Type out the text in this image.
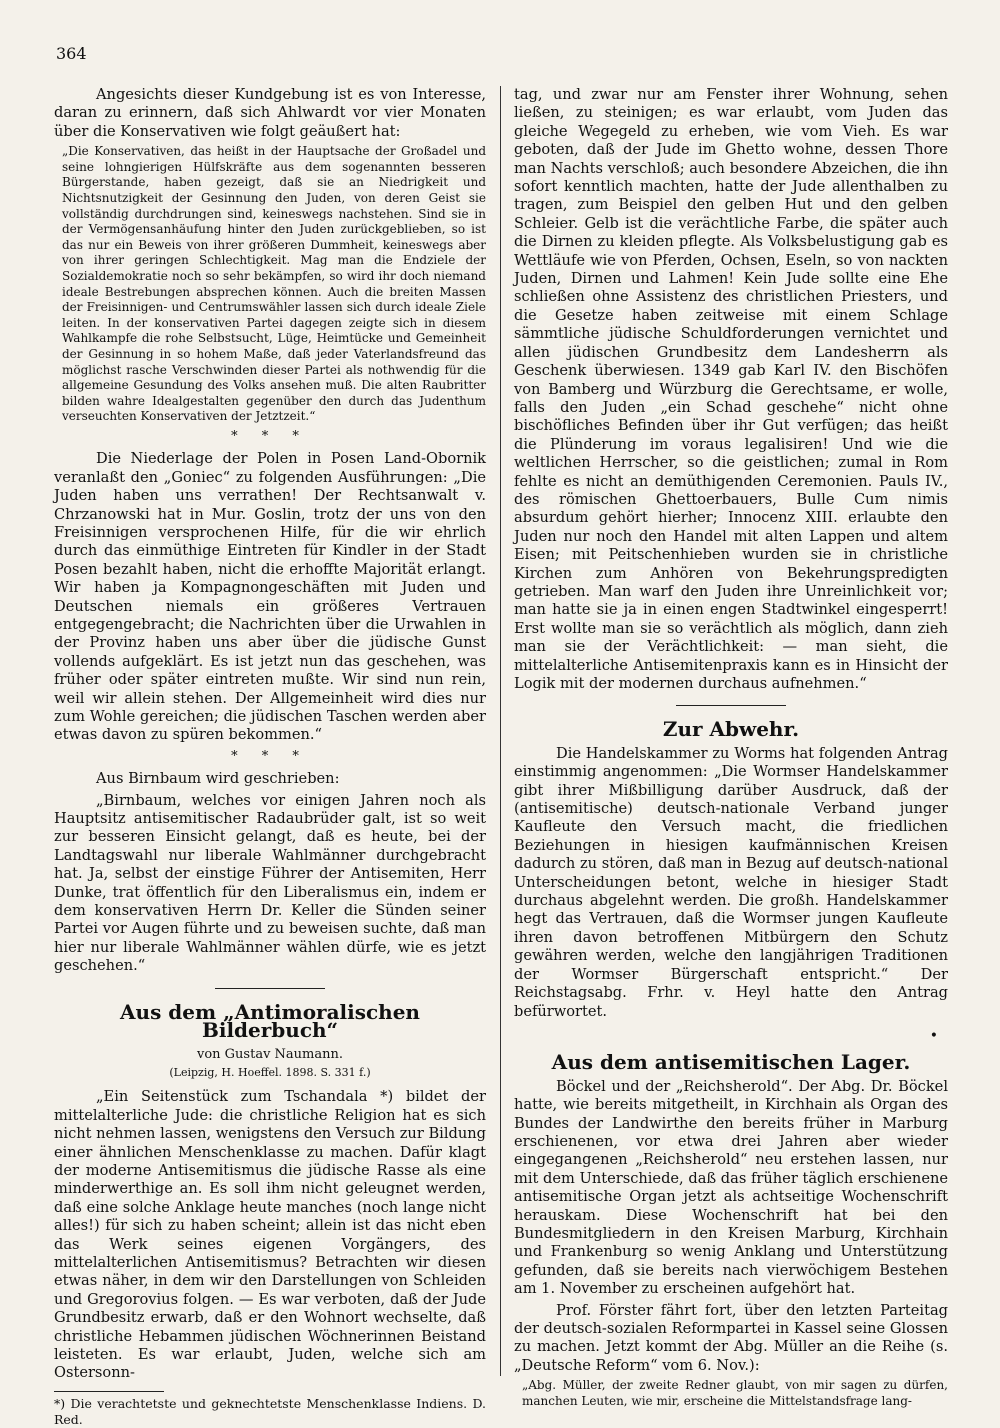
364

Angesichts dieser Kundgebung ist es von Interesse, daran zu erinnern, daß sich Ahlwardt vor vier Monaten über die Konservativen wie folgt geäußert hat:

„Die Konservativen, das heißt in der Hauptsache der Großadel und seine lohngierigen Hülfskräfte aus dem sogenannten besseren Bürgerstande, haben gezeigt, daß sie an Niedrigkeit und Nichtsnutzigkeit der Gesinnung den Juden, von deren Geist sie vollständig durchdrungen sind, keineswegs nachstehen. Sind sie in der Vermögensanhäufung hinter den Juden zurückgeblieben, so ist das nur ein Beweis von ihrer größeren Dummheit, keineswegs aber von ihrer geringen Schlechtigkeit. Mag man die Endziele der Sozialdemokratie noch so sehr bekämpfen, so wird ihr doch niemand ideale Bestrebungen absprechen können. Auch die breiten Massen der Freisinnigen- und Centrumswähler lassen sich durch ideale Ziele leiten. In der konservativen Partei dagegen zeigte sich in diesem Wahlkampfe die rohe Selbstsucht, Lüge, Heimtücke und Gemeinheit der Gesinnung in so hohem Maße, daß jeder Vaterlandsfreund das möglichst rasche Verschwinden dieser Partei als nothwendig für die allgemeine Gesundung des Volks ansehen muß. Die alten Raubritter bilden wahre Idealgestalten gegenüber den durch das Judenthum verseuchten Konservativen der Jetztzeit.“

* * *

Die Niederlage der Polen in Posen Land-Obornik veranlaßt den „Goniec“ zu folgenden Ausführungen: „Die Juden haben uns verrathen! Der Rechtsanwalt v. Chrzanowski hat in Mur. Goslin, trotz der uns von den Freisinnigen versprochenen Hilfe, für die wir ehrlich durch das einmüthige Eintreten für Kindler in der Stadt Posen bezahlt haben, nicht die erhoffte Majorität erlangt. Wir haben ja Kompagnongeschäften mit Juden und Deutschen niemals ein größeres Vertrauen entgegengebracht; die Nachrichten über die Urwahlen in der Provinz haben uns aber über die jüdische Gunst vollends aufgeklärt. Es ist jetzt nun das geschehen, was früher oder später eintreten mußte. Wir sind nun rein, weil wir allein stehen. Der Allgemeinheit wird dies nur zum Wohle gereichen; die jüdischen Taschen werden aber etwas davon zu spüren bekommen.“

* * *

Aus Birnbaum wird geschrieben:

„Birnbaum, welches vor einigen Jahren noch als Hauptsitz antisemitischer Radaubrüder galt, ist so weit zur besseren Einsicht gelangt, daß es heute, bei der Landtagswahl nur liberale Wahlmänner durchgebracht hat. Ja, selbst der einstige Führer der Antisemiten, Herr Dunke, trat öffentlich für den Liberalismus ein, indem er dem konservativen Herrn Dr. Keller die Sünden seiner Partei vor Augen führte und zu beweisen suchte, daß man hier nur liberale Wahlmänner wählen dürfe, wie es jetzt geschehen.“

Aus dem „Antimoralischen Bilderbuch“

von Gustav Naumann.

(Leipzig, H. Hoeffel. 1898. S. 331 f.)

„Ein Seitenstück zum Tschandala *) bildet der mittelalterliche Jude: die christliche Religion hat es sich nicht nehmen lassen, wenigstens den Versuch zur Bildung einer ähnlichen Menschenklasse zu machen. Dafür klagt der moderne Antisemitismus die jüdische Rasse als eine minderwerthige an. Es soll ihm nicht geleugnet werden, daß eine solche Anklage heute manches (noch lange nicht alles!) für sich zu haben scheint; allein ist das nicht eben das Werk seines eigenen Vorgängers, des mittelalterlichen Antisemitismus? Betrachten wir diesen etwas näher, in dem wir den Darstellungen von Schleiden und Gregorovius folgen. — Es war verboten, daß der Jude Grundbesitz erwarb, daß er den Wohnort wechselte, daß christliche Hebammen jüdischen Wöchnerinnen Beistand leisteten. Es war erlaubt, Juden, welche sich am Ostersonn-

*) Die verachtetste und geknechtetste Menschenklasse Indiens. D. Red.

tag, und zwar nur am Fenster ihrer Wohnung, sehen ließen, zu steinigen; es war erlaubt, vom Juden das gleiche Wegegeld zu erheben, wie vom Vieh. Es war geboten, daß der Jude im Ghetto wohne, dessen Thore man Nachts verschloß; auch besondere Abzeichen, die ihn sofort kenntlich machten, hatte der Jude allenthalben zu tragen, zum Beispiel den gelben Hut und den gelben Schleier. Gelb ist die verächtliche Farbe, die später auch die Dirnen zu kleiden pflegte. Als Volksbelustigung gab es Wettläufe wie von Pferden, Ochsen, Eseln, so von nackten Juden, Dirnen und Lahmen! Kein Jude sollte eine Ehe schließen ohne Assistenz des christlichen Priesters, und die Gesetze haben zeitweise mit einem Schlage sämmtliche jüdische Schuldforderungen vernichtet und allen jüdischen Grundbesitz dem Landesherrn als Geschenk überwiesen. 1349 gab Karl IV. den Bischöfen von Bamberg und Würzburg die Gerechtsame, er wolle, falls den Juden „ein Schad geschehe“ nicht ohne bischöfliches Befinden über ihr Gut verfügen; das heißt die Plünderung im voraus legalisiren! Und wie die weltlichen Herrscher, so die geistlichen; zumal in Rom fehlte es nicht an demüthigenden Ceremonien. Pauls IV., des römischen Ghettoerbauers, Bulle Cum nimis absurdum gehört hierher; Innocenz XIII. erlaubte den Juden nur noch den Handel mit alten Lappen und altem Eisen; mit Peitschenhieben wurden sie in christliche Kirchen zum Anhören von Bekehrungspredigten getrieben. Man warf den Juden ihre Unreinlichkeit vor; man hatte sie ja in einen engen Stadtwinkel eingesperrt! Erst wollte man sie so verächtlich als möglich, dann zieh man sie der Verächtlichkeit: — man sieht, die mittelalterliche Antisemitenpraxis kann es in Hinsicht der Logik mit der modernen durchaus aufnehmen.“

Zur Abwehr.

Die Handelskammer zu Worms hat folgenden Antrag einstimmig angenommen: „Die Wormser Handelskammer gibt ihrer Mißbilligung darüber Ausdruck, daß der (antisemitische) deutsch-nationale Verband junger Kaufleute den Versuch macht, die friedlichen Beziehungen in hiesigen kaufmännischen Kreisen dadurch zu stören, daß man in Bezug auf deutsch-national Unterscheidungen betont, welche in hiesiger Stadt durchaus abgelehnt werden. Die großh. Handelskammer hegt das Vertrauen, daß die Wormser jungen Kaufleute ihren davon betroffenen Mitbürgern den Schutz gewähren werden, welche den langjährigen Traditionen der Wormser Bürgerschaft entspricht.“ Der Reichstagsabg. Frhr. v. Heyl hatte den Antrag befürwortet.

•
Aus dem antisemitischen Lager.

Böckel und der „Reichsherold“. Der Abg. Dr. Böckel hatte, wie bereits mitgetheilt, in Kirchhain als Organ des Bundes der Landwirthe den bereits früher in Marburg erschienenen, vor etwa drei Jahren aber wieder eingegangenen „Reichsherold“ neu erstehen lassen, nur mit dem Unterschiede, daß das früher täglich erschienene antisemitische Organ jetzt als achtseitige Wochenschrift herauskam. Diese Wochenschrift hat bei den Bundesmitgliedern in den Kreisen Marburg, Kirchhain und Frankenburg so wenig Anklang und Unterstützung gefunden, daß sie bereits nach vierwöchigem Bestehen am 1. November zu erscheinen aufgehört hat.

Prof. Förster fährt fort, über den letzten Parteitag der deutsch-sozialen Reformpartei in Kassel seine Glossen zu machen. Jetzt kommt der Abg. Müller an die Reihe (s. „Deutsche Reform“ vom 6. Nov.):

„Abg. Müller, der zweite Redner glaubt, von mir sagen zu dürfen, manchen Leuten, wie mir, erscheine die Mittelstandsfrage lang-
